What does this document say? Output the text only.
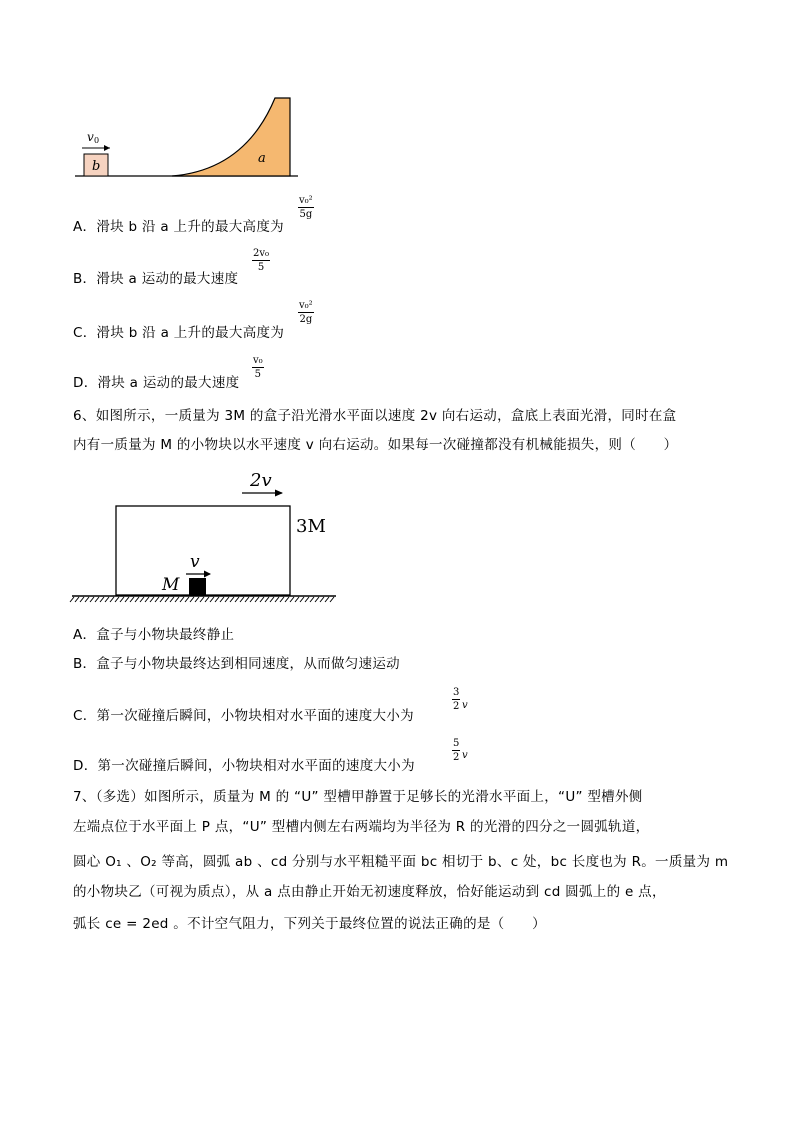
v 0
b
a
A．滑块 b 沿 a 上升的最大高度为
v₀²
5g
B．滑块 a 运动的最大速度
2v₀
5
C．滑块 b 沿 a 上升的最大高度为
v₀²
2g
D．滑块 a 运动的最大速度
v₀
5
6、如图所示，一质量为 3M 的盒子沿光滑水平面以速度 2v 向右运动，盒底上表面光滑，同时在盒
内有一质量为 M 的小物块以水平速度 v 向右运动。如果每一次碰撞都没有机械能损失，则（　　）
2v
3M
v
M
A．盒子与小物块最终静止
B．盒子与小物块最终达到相同速度，从而做匀速运动
C．第一次碰撞后瞬间，小物块相对水平面的速度大小为
3
2 v
D．第一次碰撞后瞬间，小物块相对水平面的速度大小为
5
2 v
7、（多选）如图所示，质量为 M 的 “U” 型槽甲静置于足够长的光滑水平面上，“U” 型槽外侧
左端点位于水平面上 P 点，“U” 型槽内侧左右两端均为半径为 R 的光滑的四分之一圆弧轨道，
圆心 O₁ 、O₂ 等高，圆弧 ab 、cd 分别与水平粗糙平面 bc 相切于 b、c 处，bc 长度也为 R。一质量为 m
的小物块乙（可视为质点），从 a 点由静止开始无初速度释放，恰好能运动到 cd 圆弧上的 e 点，
弧长 ce = 2ed 。不计空气阻力，下列关于最终位置的说法正确的是（　　）
